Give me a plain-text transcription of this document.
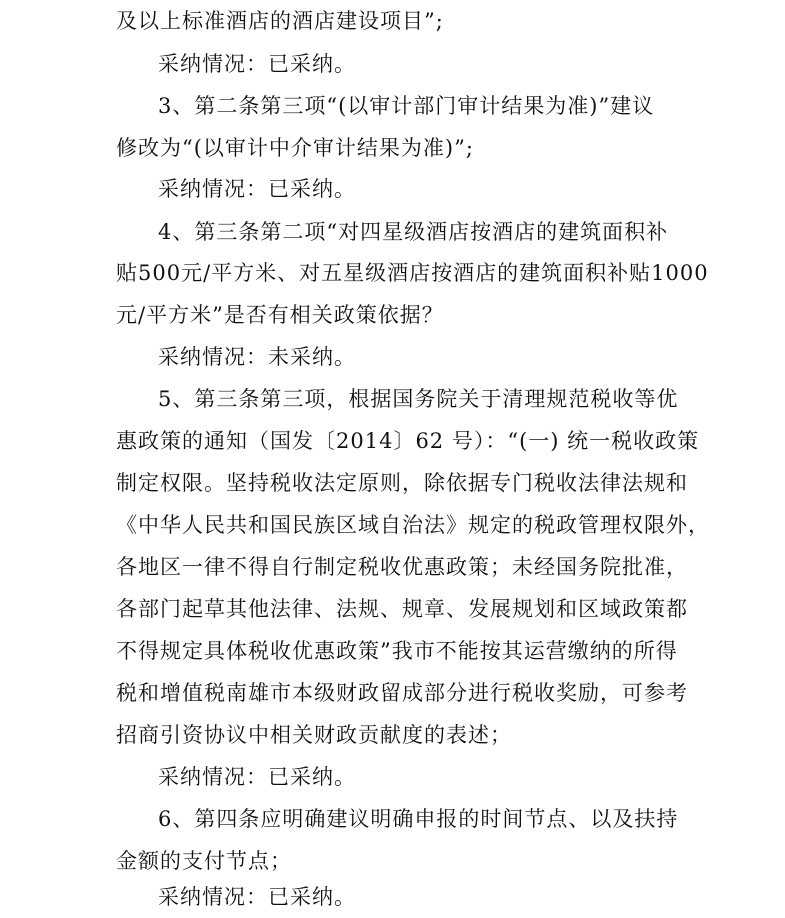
及以上标准酒店的酒店建设项目”;
采纳情况：已采纳。
3、第二条第三项“(以审计部门审计结果为准)”建议
修改为“(以审计中介审计结果为准)”;
采纳情况：已采纳。
4、第三条第二项“对四星级酒店按酒店的建筑面积补
贴500元/平方米、对五星级酒店按酒店的建筑面积补贴1000
元/平方米”是否有相关政策依据？
采纳情况：未采纳。
5、第三条第三项，根据国务院关于清理规范税收等优
惠政策的通知（国发〔2014〕62 号）：“(一) 统一税收政策
制定权限。坚持税收法定原则，除依据专门税收法律法规和
《中华人民共和国民族区域自治法》规定的税政管理权限外，
各地区一律不得自行制定税收优惠政策；未经国务院批准，
各部门起草其他法律、法规、规章、发展规划和区域政策都
不得规定具体税收优惠政策”我市不能按其运营缴纳的所得
税和增值税南雄市本级财政留成部分进行税收奖励，可参考
招商引资协议中相关财政贡献度的表述；
采纳情况：已采纳。
6、第四条应明确建议明确申报的时间节点、以及扶持
金额的支付节点；
采纳情况：已采纳。
